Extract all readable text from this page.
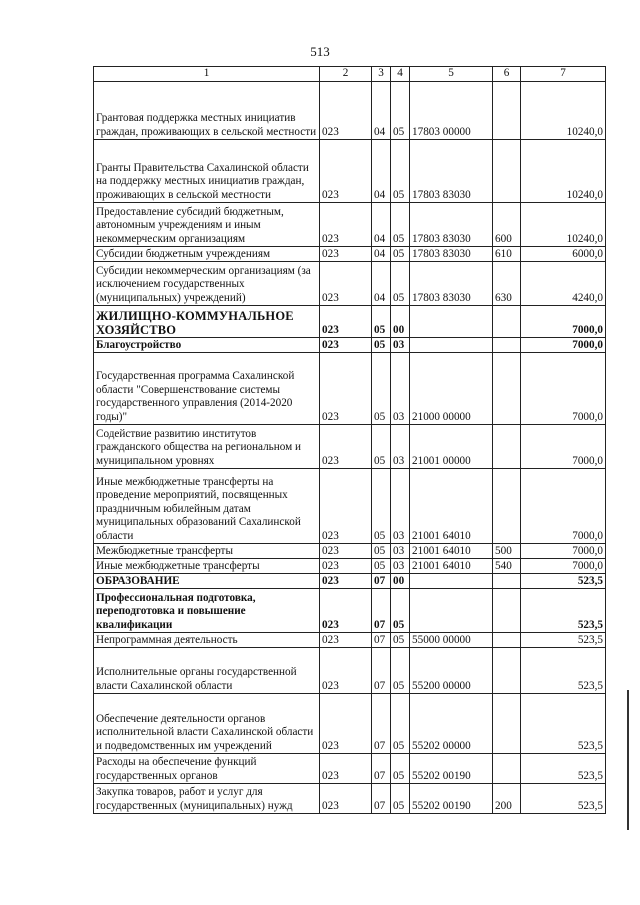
513
1	2	3	4	5	6	7
Грантовая поддержка местных инициатив граждан, проживающих в сельской местности	023	04	05	17803 00000		10240,0
Гранты Правительства Сахалинской области на поддержку местных инициатив граждан, проживающих в сельской местности	023	04	05	17803 83030		10240,0
Предоставление субсидий бюджетным, автономным учреждениям и иным некоммерческим организациям	023	04	05	17803 83030	600	10240,0
Субсидии бюджетным учреждениям	023	04	05	17803 83030	610	6000,0
Субсидии некоммерческим организациям (за исключением государственных (муниципальных) учреждений)	023	04	05	17803 83030	630	4240,0
ЖИЛИЩНО-КОММУНАЛЬНОЕ ХОЗЯЙСТВО	023	05	00			7000,0
Благоустройство	023	05	03			7000,0
Государственная программа Сахалинской области "Совершенствование системы государственного управления (2014-2020 годы)"	023	05	03	21000 00000		7000,0
Содействие развитию институтов гражданского общества на региональном и муниципальном уровнях	023	05	03	21001 00000		7000,0
Иные межбюджетные трансферты на проведение мероприятий, посвященных праздничным юбилейным датам муниципальных образований Сахалинской области	023	05	03	21001 64010		7000,0
Межбюджетные трансферты	023	05	03	21001 64010	500	7000,0
Иные межбюджетные трансферты	023	05	03	21001 64010	540	7000,0
ОБРАЗОВАНИЕ	023	07	00			523,5
Профессиональная подготовка, переподготовка и повышение квалификации	023	07	05			523,5
Непрограммная деятельность	023	07	05	55000 00000		523,5
Исполнительные органы государственной власти Сахалинской области	023	07	05	55200 00000		523,5
Обеспечение деятельности органов исполнительной власти Сахалинской области и подведомственных им учреждений	023	07	05	55202 00000		523,5
Расходы на обеспечение функций государственных органов	023	07	05	55202 00190		523,5
Закупка товаров, работ и услуг для государственных (муниципальных) нужд	023	07	05	55202 00190	200	523,5
